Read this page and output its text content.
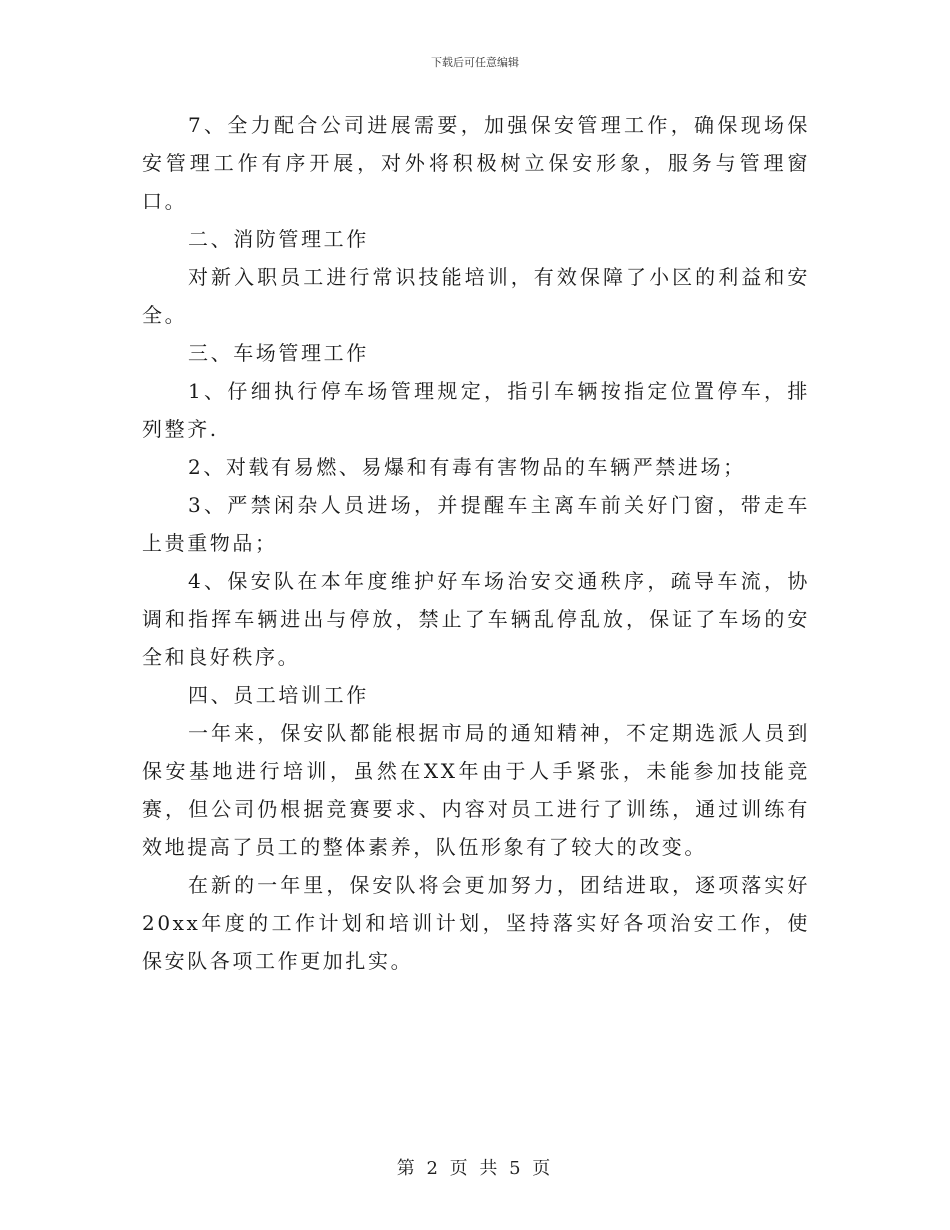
下载后可任意编辑

7、全力配合公司进展需要，加强保安管理工作，确保现场保安管理工作有序开展，对外将积极树立保安形象，服务与管理窗口。

二、消防管理工作

对新入职员工进行常识技能培训，有效保障了小区的利益和安全。

三、车场管理工作

1、仔细执行停车场管理规定，指引车辆按指定位置停车，排列整齐.

2、对载有易燃、易爆和有毒有害物品的车辆严禁进场；

3、严禁闲杂人员进场，并提醒车主离车前关好门窗，带走车上贵重物品；

4、保安队在本年度维护好车场治安交通秩序，疏导车流，协调和指挥车辆进出与停放，禁止了车辆乱停乱放，保证了车场的安全和良好秩序。

四、员工培训工作

一年来，保安队都能根据市局的通知精神，不定期选派人员到保安基地进行培训，虽然在XX年由于人手紧张，未能参加技能竞赛，但公司仍根据竞赛要求、内容对员工进行了训练，通过训练有效地提高了员工的整体素养，队伍形象有了较大的改变。

在新的一年里，保安队将会更加努力，团结进取，逐项落实好20xx年度的工作计划和培训计划，坚持落实好各项治安工作，使保安队各项工作更加扎实。

第 2 页 共 5 页
